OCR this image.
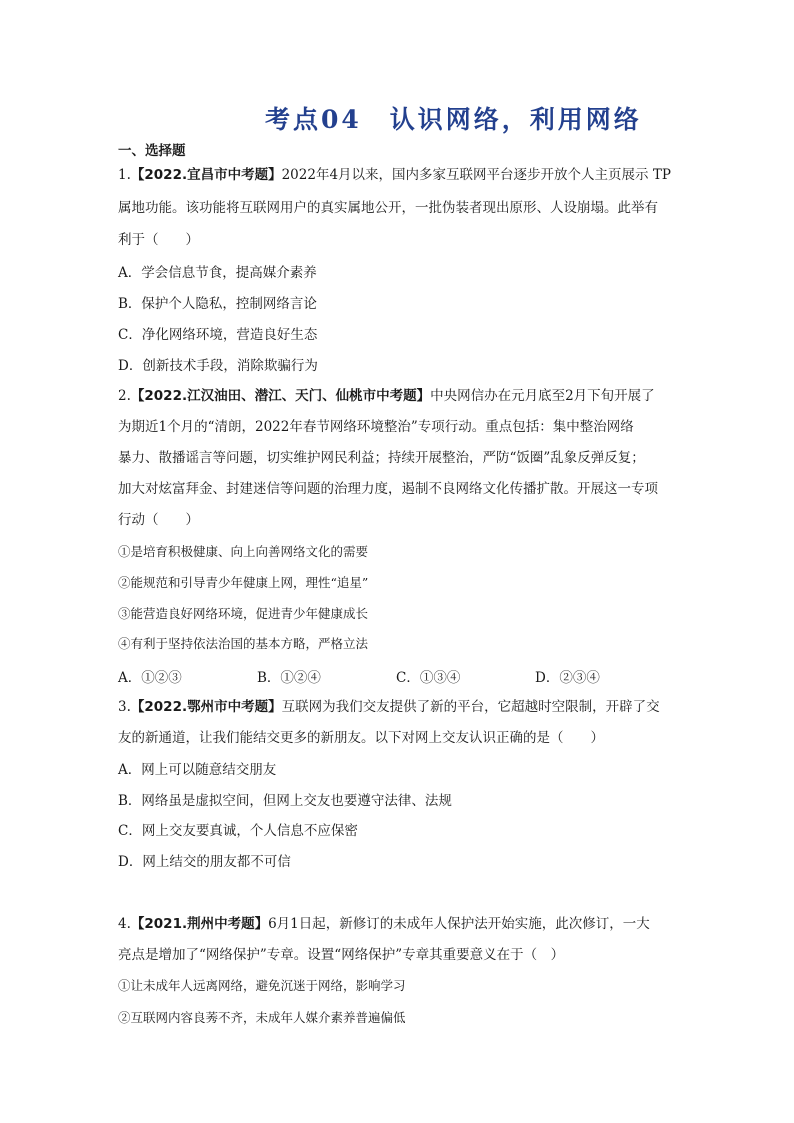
考点04　认识网络，利用网络
一、选择题
1.【2022.宜昌市中考题】2022年4月以来，国内多家互联网平台逐步开放个人主页展示 TP
属地功能。该功能将互联网用户的真实属地公开，一批伪装者现出原形、人设崩塌。此举有
利于（　　）
A．学会信息节食，提高媒介素养
B．保护个人隐私，控制网络言论
C．净化网络环境，营造良好生态
D．创新技术手段，消除欺骗行为
2.【2022.江汉油田、潜江、天门、仙桃市中考题】中央网信办在元月底至2月下旬开展了
为期近1个月的“清朗，2022年春节网络环境整治”专项行动。重点包括：集中整治网络
暴力、散播谣言等问题，切实维护网民利益；持续开展整治，严防“饭圈”乱象反弹反复；
加大对炫富拜金、封建迷信等问题的治理力度，遏制不良网络文化传播扩散。开展这一专项
行动（　　）
①是培育积极健康、向上向善网络文化的需要
②能规范和引导青少年健康上网，理性“追星”
③能营造良好网络环境，促进青少年健康成长
④有利于坚持依法治国的基本方略，严格立法
A．①②③	B．①②④	C．①③④	D．②③④
3.【2022.鄂州市中考题】互联网为我们交友提供了新的平台，它超越时空限制，开辟了交
友的新通道，让我们能结交更多的新朋友。以下对网上交友认识正确的是（　　）
A．网上可以随意结交朋友
B．网络虽是虚拟空间，但网上交友也要遵守法律、法规
C．网上交友要真诚，个人信息不应保密
D．网上结交的朋友都不可信
4.【2021.荆州中考题】6月1日起，新修订的未成年人保护法开始实施，此次修订，一大
亮点是增加了“网络保护”专章。设置“网络保护”专章其重要意义在于（　）
①让未成年人远离网络，避免沉迷于网络，影响学习
②互联网内容良莠不齐，未成年人媒介素养普遍偏低
